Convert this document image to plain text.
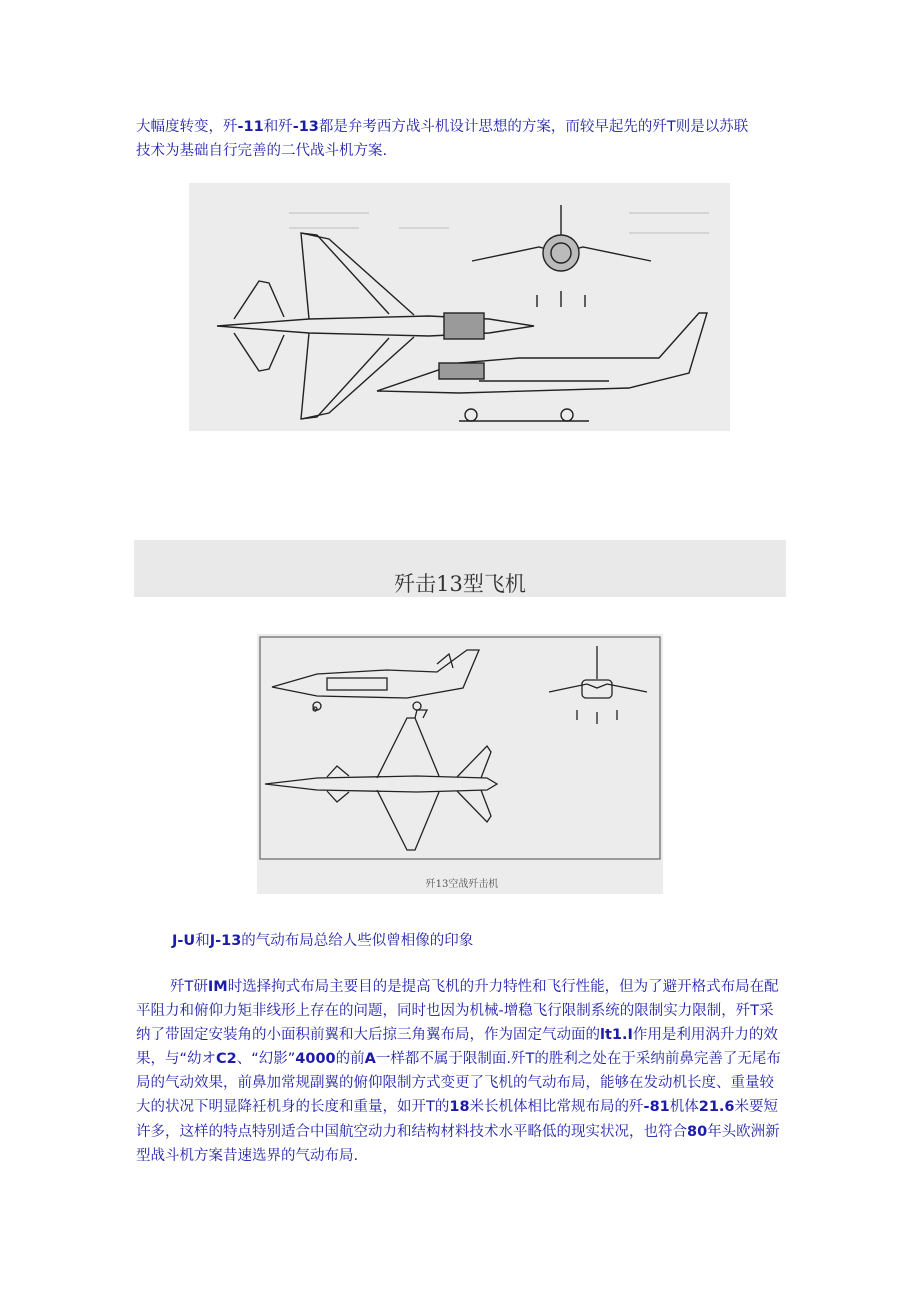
大幅度转变，歼-11和歼-13都是弁考西方战斗机设计思想的方案，而较早起先的歼T则是以苏联
技术为基础自行完善的二代战斗机方案.

歼击13型飞机
歼13空战歼击机
J-U和J-13的气动布局总给人些似曾相像的印象

歼T研IM时选择拘式布局主要目的是提高飞机的升力特性和飞行性能，但为了避开格式布局在配平阻力和俯仰力矩非线形上存在的问题，同时也因为机械-增稳飞行限制系统的限制实力限制，歼T采纳了带固定安装角的小面积前翼和大后掠三角翼布局，作为固定气动面的lt1.I作用是利用涡升力的效果，与“幼オC2、“幻影”4000的前A一样都不属于限制面.歼T的胜利之处在于采纳前鼻完善了无尾布局的气动效果，前鼻加常规副翼的俯仰限制方式变更了飞机的气动布局，能够在发动机长度、重量较大的状况下明显降衽机身的长度和重量，如开T的18米长机体相比常规布局的歼-81机体21.6米要短许多，这样的特点特别适合中国航空动力和结构材料技术水平略低的现实状况，也符合80年头欧洲新型战斗机方案昔速选界的气动布局.
